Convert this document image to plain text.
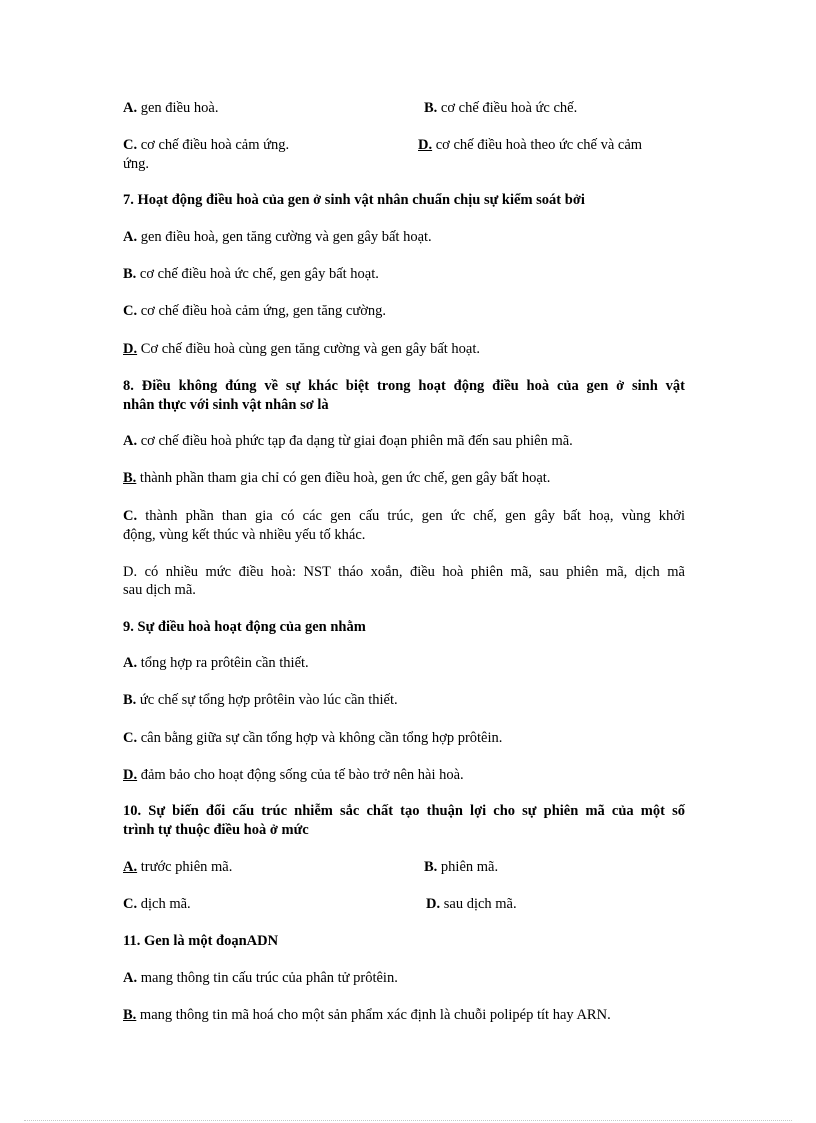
A. gen điều hoà.	B. cơ chế điều hoà ức chế.
C. cơ chế điều hoà cảm ứng.	D. cơ chế điều hoà theo ức chế và cảm
ứng.
7. Hoạt động điều hoà của gen ở sinh vật nhân chuẩn chịu sự kiểm soát bởi
A. gen điều hoà, gen tăng cường và gen gây bất hoạt.
B. cơ chế điều hoà ức chế, gen gây bất hoạt.
C. cơ chế điều hoà cảm ứng, gen tăng cường.
D. Cơ chế điều hoà cùng gen tăng cường và gen gây bất hoạt.
8. Điều không đúng về sự khác biệt trong hoạt động điều hoà của gen ở sinh vật
nhân thực với sinh vật nhân sơ là
A. cơ chế điều hoà phức tạp đa dạng từ giai đoạn phiên mã đến sau phiên mã.
B. thành phần tham gia chỉ có gen điều hoà, gen ức chế, gen gây bất hoạt.
C. thành phần than gia có các gen cấu trúc, gen ức chế, gen gây bất hoạ, vùng khởi
động, vùng kết thúc và nhiều yếu tố khác.
D. có nhiều mức điều hoà: NST tháo xoắn, điều hoà phiên mã, sau phiên mã, dịch mã
sau dịch mã.
9. Sự điều hoà hoạt động của gen nhằm
A. tổng hợp ra prôtêin cần thiết.
B. ức chế sự tổng hợp prôtêin vào lúc cần thiết.
C. cân bằng giữa sự cần tổng hợp và không cần tổng hợp prôtêin.
D. đảm bảo cho hoạt động sống của tế bào trở nên hài hoà.
10. Sự biến đổi cấu trúc nhiễm sắc chất tạo thuận lợi cho sự phiên mã của một số
trình tự thuộc điều hoà ở mức
A. trước phiên mã.	B. phiên mã.
C. dịch mã.	D. sau dịch mã.
11. Gen là một đoạnADN
A. mang thông tin cấu trúc của phân tử prôtêin.
B. mang thông tin mã hoá cho một sản phẩm xác định là chuỗi polipép tít hay ARN.
